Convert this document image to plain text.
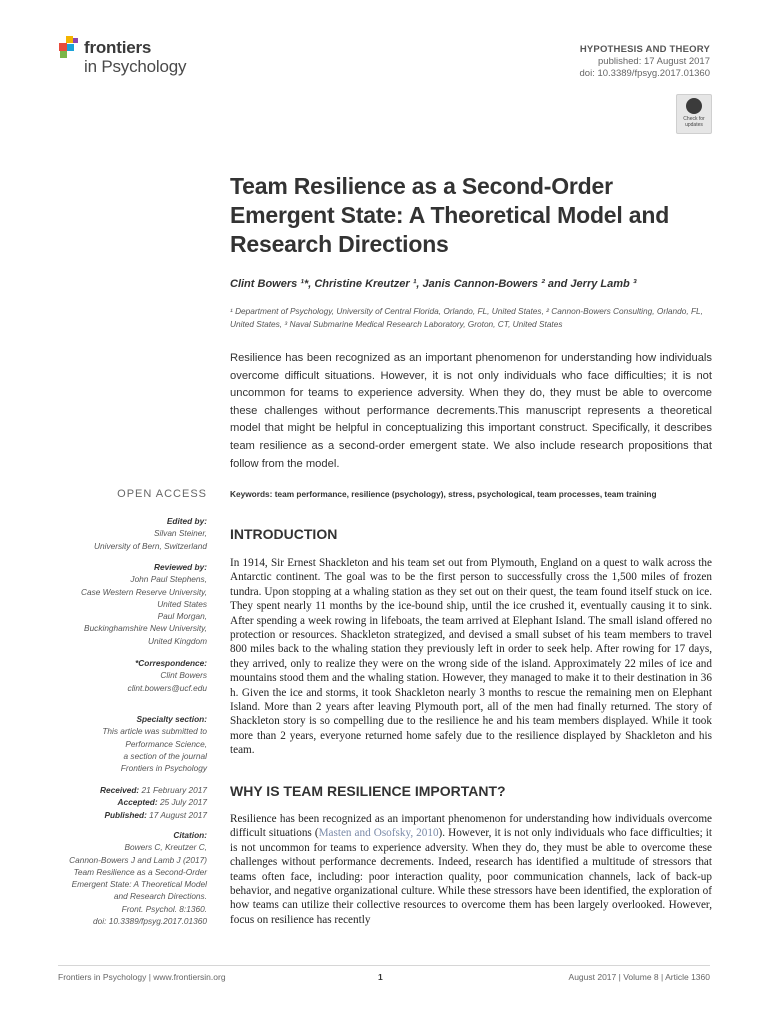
frontiers
in Psychology
HYPOTHESIS AND THEORY
published: 17 August 2017
doi: 10.3389/fpsyg.2017.01360
Check for updates
Team Resilience as a Second-Order Emergent State: A Theoretical Model and Research Directions
Clint Bowers ¹*, Christine Kreutzer ¹, Janis Cannon-Bowers ² and Jerry Lamb ³
¹ Department of Psychology, University of Central Florida, Orlando, FL, United States, ² Cannon-Bowers Consulting, Orlando, FL, United States, ³ Naval Submarine Medical Research Laboratory, Groton, CT, United States
Resilience has been recognized as an important phenomenon for understanding how individuals overcome difficult situations. However, it is not only individuals who face difficulties; it is not uncommon for teams to experience adversity. When they do, they must be able to overcome these challenges without performance decrements.This manuscript represents a theoretical model that might be helpful in conceptualizing this important construct. Specifically, it describes team resilience as a second-order emergent state. We also include research propositions that follow from the model.
Keywords: team performance, resilience (psychology), stress, psychological, team processes, team training
OPEN ACCESS
Edited by:
Silvan Steiner,
University of Bern, Switzerland
Reviewed by:
John Paul Stephens,
Case Western Reserve University,
United States
Paul Morgan,
Buckinghamshire New University,
United Kingdom
*Correspondence:
Clint Bowers
clint.bowers@ucf.edu
Specialty section:
This article was submitted to
Performance Science,
a section of the journal
Frontiers in Psychology
Received: 21 February 2017
Accepted: 25 July 2017
Published: 17 August 2017
Citation:
Bowers C, Kreutzer C,
Cannon-Bowers J and Lamb J (2017)
Team Resilience as a Second-Order
Emergent State: A Theoretical Model
and Research Directions.
Front. Psychol. 8:1360.
doi: 10.3389/fpsyg.2017.01360
INTRODUCTION
In 1914, Sir Ernest Shackleton and his team set out from Plymouth, England on a quest to walk across the Antarctic continent. The goal was to be the first person to successfully cross the 1,500 miles of frozen tundra. Upon stopping at a whaling station as they set out on their quest, the team found itself stuck on ice. They spent nearly 11 months by the ice-bound ship, until the ice crushed it, eventually causing it to sink. After spending a week rowing in lifeboats, the team arrived at Elephant Island. The small island offered no protection or resources. Shackleton strategized, and devised a small subset of his team members to travel 800 miles back to the whaling station they previously left in order to seek help. After rowing for 17 days, they arrived, only to realize they were on the wrong side of the island. Approximately 22 miles of ice and mountains stood them and the whaling station. However, they managed to make it to their destination in 36 h. Given the ice and storms, it took Shackleton nearly 3 months to rescue the remaining men on Elephant Island. More than 2 years after leaving Plymouth port, all of the men had finally returned. The story of Shackleton story is so compelling due to the resilience he and his team members displayed. While it took more than 2 years, everyone returned home safely due to the resilience displayed by Shackleton and his team.
WHY IS TEAM RESILIENCE IMPORTANT?
Resilience has been recognized as an important phenomenon for understanding how individuals overcome difficult situations (Masten and Osofsky, 2010). However, it is not only individuals who face difficulties; it is not uncommon for teams to experience adversity. When they do, they must be able to overcome these challenges without performance decrements. Indeed, research has identified a multitude of stressors that teams often face, including: poor interaction quality, poor communication channels, lack of back-up behavior, and negative organizational culture. While these stressors have been identified, the exploration of how teams can utilize their collective resources to overcome them has been largely overlooked. However, focus on resilience has recently
Frontiers in Psychology | www.frontiersin.org	1	August 2017 | Volume 8 | Article 1360
